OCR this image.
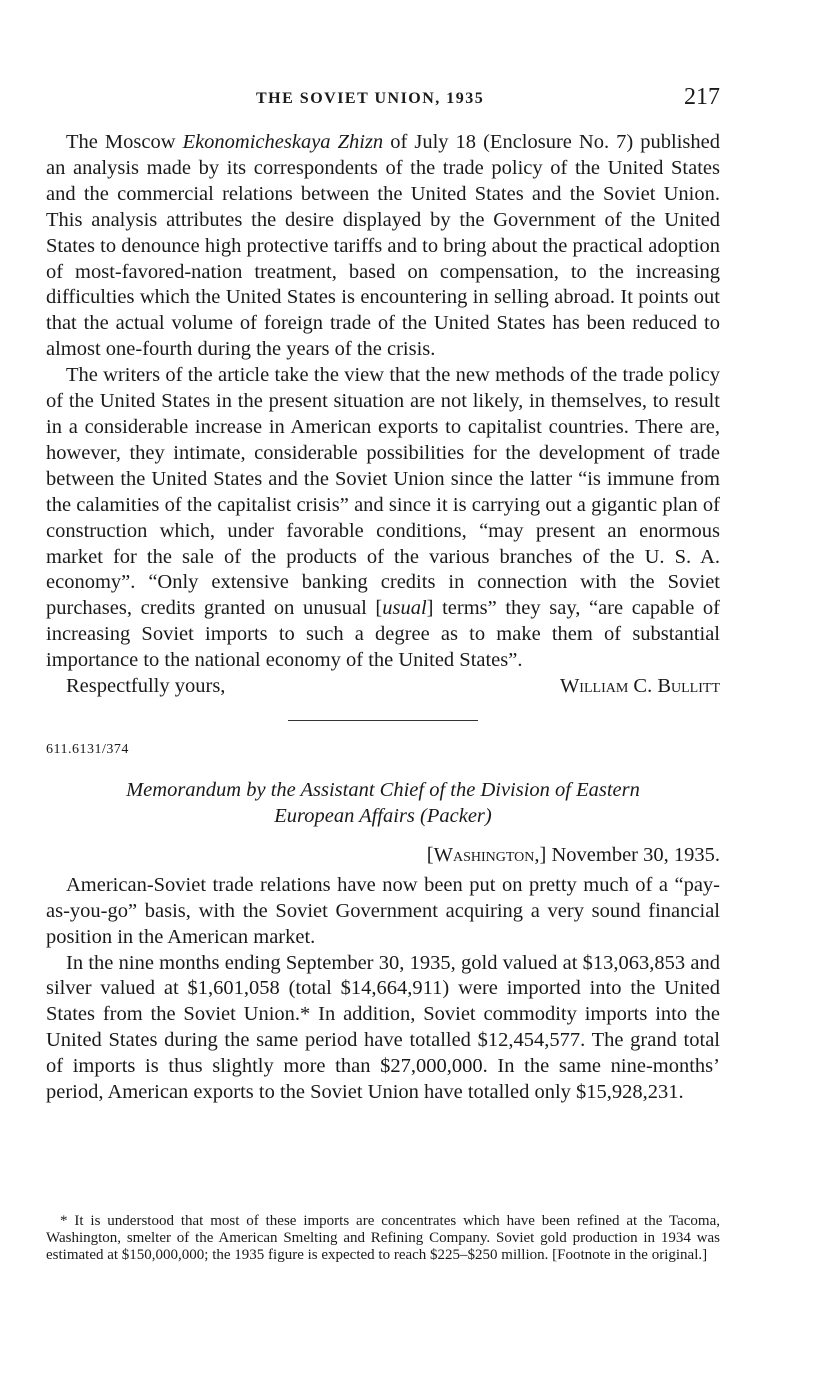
THE SOVIET UNION, 1935	217

The Moscow Ekonomicheskaya Zhizn of July 18 (Enclosure No. 7) published an analysis made by its correspondents of the trade policy of the United States and the commercial relations between the United States and the Soviet Union. This analysis attributes the desire displayed by the Government of the United States to denounce high protective tariffs and to bring about the practical adoption of most-favored-nation treatment, based on compensation, to the increasing difficulties which the United States is encountering in selling abroad. It points out that the actual volume of foreign trade of the United States has been reduced to almost one-fourth during the years of the crisis.

The writers of the article take the view that the new methods of the trade policy of the United States in the present situation are not likely, in themselves, to result in a considerable increase in American exports to capitalist countries. There are, however, they intimate, considerable possibilities for the development of trade between the United States and the Soviet Union since the latter “is immune from the calamities of the capitalist crisis” and since it is carrying out a gigantic plan of construction which, under favorable conditions, “may present an enormous market for the sale of the products of the various branches of the U. S. A. economy”. “Only extensive banking credits in connection with the Soviet purchases, credits granted on unusual [usual] terms” they say, “are capable of increasing Soviet imports to such a degree as to make them of substantial importance to the national economy of the United States”.

Respectfully yours,	William C. Bullitt

611.6131/374

Memorandum by the Assistant Chief of the Division of Eastern
European Affairs (Packer)

[Washington,] November 30, 1935.

American-Soviet trade relations have now been put on pretty much of a “pay-as-you-go” basis, with the Soviet Government acquiring a very sound financial position in the American market.

In the nine months ending September 30, 1935, gold valued at $13,063,853 and silver valued at $1,601,058 (total $14,664,911) were imported into the United States from the Soviet Union.* In addition, Soviet commodity imports into the United States during the same period have totalled $12,454,577. The grand total of imports is thus slightly more than $27,000,000. In the same nine-months’ period, American exports to the Soviet Union have totalled only $15,928,231.

* It is understood that most of these imports are concentrates which have been refined at the Tacoma, Washington, smelter of the American Smelting and Refining Company. Soviet gold production in 1934 was estimated at $150,000,000; the 1935 figure is expected to reach $225–$250 million. [Footnote in the original.]
